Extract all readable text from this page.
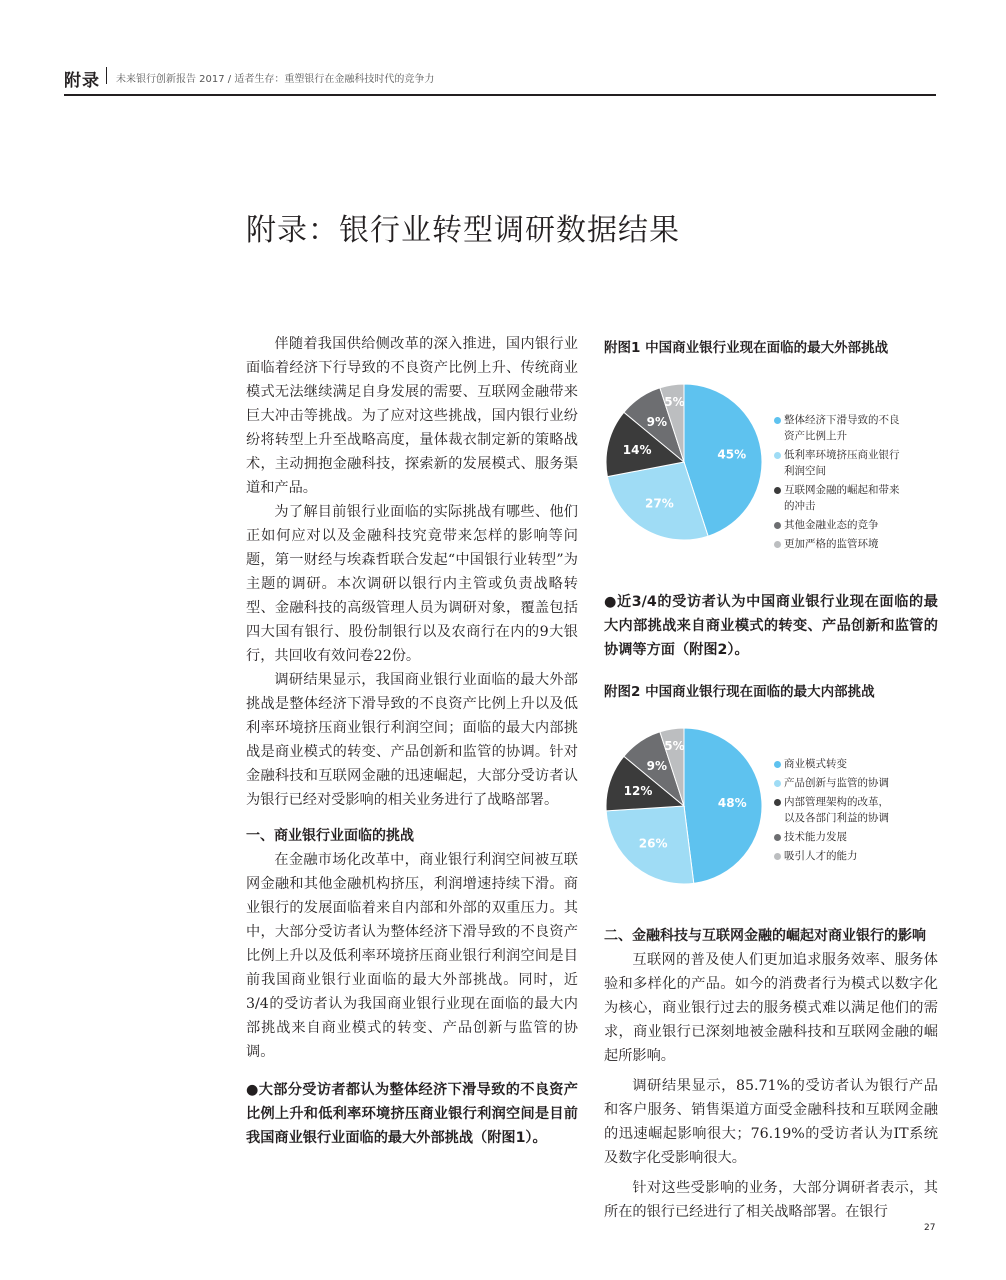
附录 未来银行创新报告 2017 / 适者生存：重塑银行在金融科技时代的竞争力
附录：银行业转型调研数据结果

伴随着我国供给侧改革的深入推进，国内银行业面临着经济下行导致的不良资产比例上升、传统商业模式无法继续满足自身发展的需要、互联网金融带来巨大冲击等挑战。为了应对这些挑战，国内银行业纷纷将转型上升至战略高度，量体裁衣制定新的策略战术，主动拥抱金融科技，探索新的发展模式、服务渠道和产品。

为了解目前银行业面临的实际挑战有哪些、他们正如何应对以及金融科技究竟带来怎样的影响等问题，第一财经与埃森哲联合发起“中国银行业转型”为主题的调研。本次调研以银行内主管或负责战略转型、金融科技的高级管理人员为调研对象，覆盖包括四大国有银行、股份制银行以及农商行在内的9大银行，共回收有效问卷22份。

调研结果显示，我国商业银行业面临的最大外部挑战是整体经济下滑导致的不良资产比例上升以及低利率环境挤压商业银行利润空间；面临的最大内部挑战是商业模式的转变、产品创新和监管的协调。针对金融科技和互联网金融的迅速崛起，大部分受访者认为银行已经对受影响的相关业务进行了战略部署。

一、商业银行业面临的挑战

在金融市场化改革中，商业银行利润空间被互联网金融和其他金融机构挤压，利润增速持续下滑。商业银行的发展面临着来自内部和外部的双重压力。其中，大部分受访者认为整体经济下滑导致的不良资产比例上升以及低利率环境挤压商业银行利润空间是目前我国商业银行业面临的最大外部挑战。同时，近3/4的受访者认为我国商业银行业现在面临的最大内部挑战来自商业模式的转变、产品创新与监管的协调。

●大部分受访者都认为整体经济下滑导致的不良资产比例上升和低利率环境挤压商业银行利润空间是目前我国商业银行业面临的最大外部挑战（附图1）。

附图1 中国商业银行业现在面临的最大外部挑战

45%
27%
14%
9%
5%
整体经济下滑导致的不良
资产比例上升
低利率环境挤压商业银行
利润空间
互联网金融的崛起和带来
的冲击
其他金融业态的竞争
更加严格的监管环境

●近3/4的受访者认为中国商业银行业现在面临的最大内部挑战来自商业模式的转变、产品创新和监管的协调等方面（附图2）。

附图2 中国商业银行现在面临的最大内部挑战

48%
26%
12%
9%
5%
商业模式转变
产品创新与监管的协调
内部管理架构的改革，
以及各部门利益的协调
技术能力发展
吸引人才的能力
二、金融科技与互联网金融的崛起对商业银行的影响

互联网的普及使人们更加追求服务效率、服务体验和多样化的产品。如今的消费者行为模式以数字化为核心，商业银行过去的服务模式难以满足他们的需求，商业银行已深刻地被金融科技和互联网金融的崛起所影响。

调研结果显示，85.71%的受访者认为银行产品和客户服务、销售渠道方面受金融科技和互联网金融的迅速崛起影响很大；76.19%的受访者认为IT系统及数字化受影响很大。

针对这些受影响的业务，大部分调研者表示，其所在的银行已经进行了相关战略部署。在银行

27
